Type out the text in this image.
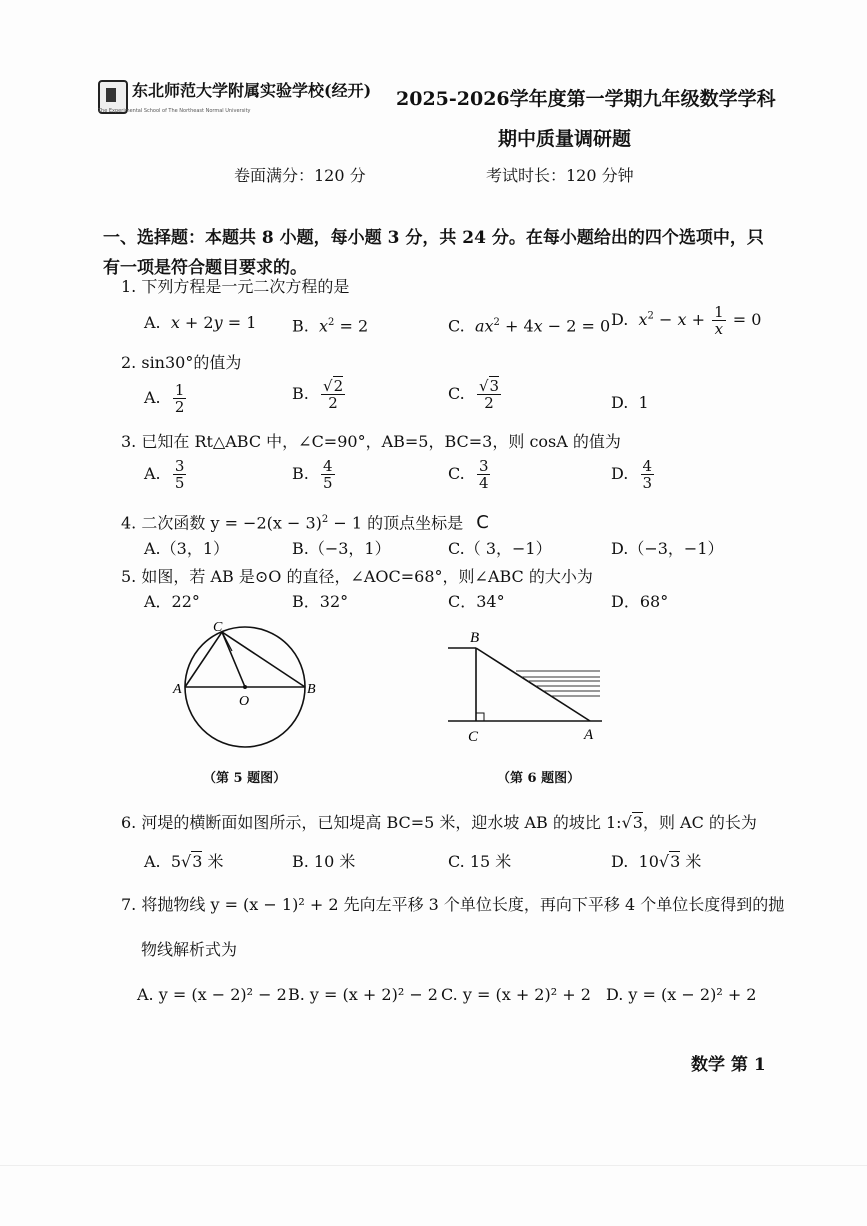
东北师范大学附属实验学校(经开)
The Experimental School of The Northeast Normal University
2025-2026学年度第一学期九年级数学学科
期中质量调研题
卷面满分：120 分	考试时长：120 分钟
一、选择题：本题共 8 小题，每小题 3 分，共 24 分。在每小题给出的四个选项中，只有一项是符合题目要求的。
1. 下列方程是一元二次方程的是
A. x + 2y = 1 B. $x^2 = 2$	C. $ax^2 + 4x - 2 = 0$ D. $x^2 - x + \frac{1}{x} = 0$
2. sin30°的值为
A. $\frac{1}{2}$	B. $\frac{√2}{2}$	C. $\frac{√3}{2}$	D. 1
3. 已知在 Rt△ABC 中，∠C=90°，AB=5，BC=3，则 cosA 的值为
A. $\frac{3}{5}$	B. $\frac{4}{5}$	C. $\frac{3}{4}$	D. $\frac{4}{3}$
4. 二次函数 $y = -2(x - 3)^2 - 1$ 的顶点坐标是 C
A.（3，1）	B.（−3，1）	C.（ 3，−1）	D.（−3，−1）
5. 如图，若 AB 是⊙O 的直径，∠AOC=68°，则∠ABC 的大小为
A．22°	B．32°	C．34°	D．68°
C
A	B
O
（第 5 题图）
B
C	A
（第 6 题图）
6. 河堤的横断面如图所示，已知堤高 BC=5 米，迎水坡 AB 的坡比 1:√3，则 AC 的长为
A.  5√3 米	B. 10 米	C. 15 米	D.  10√3 米
7. 将抛物线 y = (x − 1)² + 2 先向左平移 3 个单位长度，再向下平移 4 个单位长度得到的抛
物线解析式为
A. y = (x − 2)² − 2 B. y = (x + 2)² − 2 C. y = (x + 2)² + 2 D. y = (x − 2)² + 2
数学 第 1
